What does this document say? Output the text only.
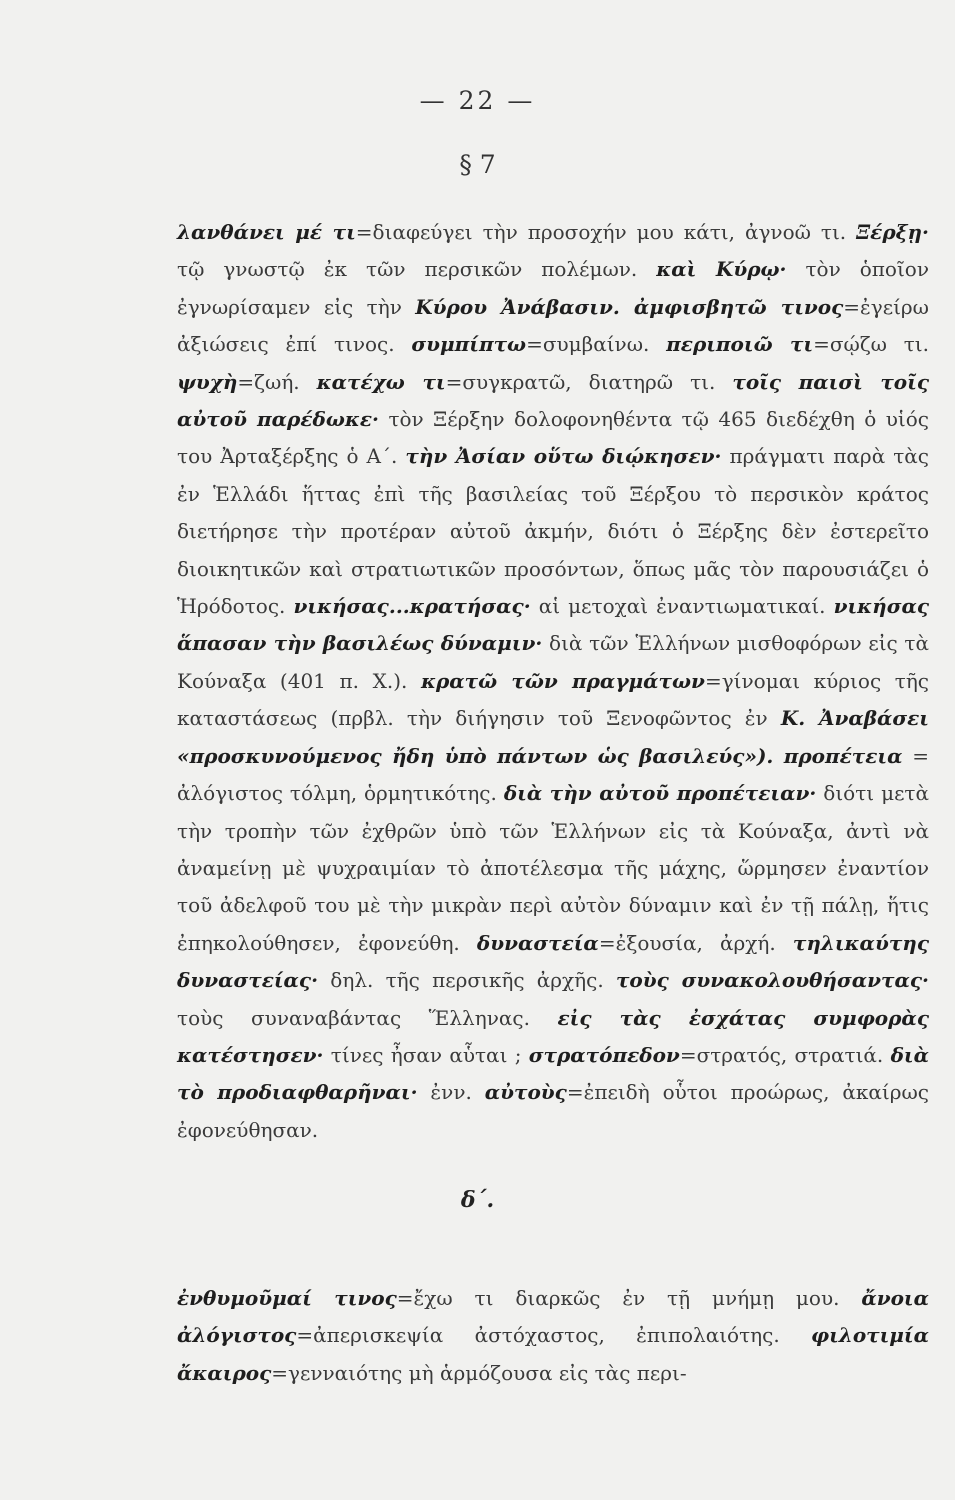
— 22 —
§ 7

λανθάνει μέ τι=διαφεύγει τὴν προσοχήν μου κάτι, ἀγνοῶ τι. Ξέρξῃ· τῷ γνωστῷ ἐκ τῶν περσικῶν πολέμων. καὶ Κύρῳ· τὸν ὁποῖον ἐγνωρίσαμεν εἰς τὴν Κύρου Ἀνάβασιν. ἀμφισβητῶ τινος=ἐγείρω ἀξιώσεις ἐπί τινος. συμπίπτω=συμβαίνω. περιποιῶ τι=σῴζω τι. ψυχὴ=ζωή. κατέχω τι=συγκρατῶ, διατηρῶ τι. τοῖς παισὶ τοῖς αὐτοῦ παρέδωκε· τὸν Ξέρξην δολοφονηθέντα τῷ 465 διεδέχθη ὁ υἱός του Ἀρταξέρξης ὁ Α΄. τὴν Ἀσίαν οὕτω διῴκησεν· πράγματι παρὰ τὰς ἐν Ἑλλάδι ἥττας ἐπὶ τῆς βασιλείας τοῦ Ξέρξου τὸ περσικὸν κράτος διετήρησε τὴν προτέραν αὐτοῦ ἀκμήν, διότι ὁ Ξέρξης δὲν ἐστερεῖτο διοικητικῶν καὶ στρατιωτικῶν προσόντων, ὅπως μᾶς τὸν παρουσιάζει ὁ Ἡρόδοτος. νικήσας...κρατήσας· αἱ μετοχαὶ ἐναντιωματικαί. νικήσας ἅπασαν τὴν βασιλέως δύναμιν· διὰ τῶν Ἑλλήνων μισθοφόρων εἰς τὰ Κούναξα (401 π. Χ.). κρατῶ τῶν πραγμάτων=γίνομαι κύριος τῆς καταστάσεως (πρβλ. τὴν διήγησιν τοῦ Ξενοφῶντος ἐν Κ. Ἀναβάσει «προσκυνούμενος ἤδη ὑπὸ πάντων ὡς βασιλεύς»). προπέτεια = ἀλόγιστος τόλμη, ὁρμητικότης. διὰ τὴν αὐτοῦ προπέτειαν· διότι μετὰ τὴν τροπὴν τῶν ἐχθρῶν ὑπὸ τῶν Ἑλλήνων εἰς τὰ Κούναξα, ἀντὶ νὰ ἀναμείνῃ μὲ ψυχραιμίαν τὸ ἀποτέλεσμα τῆς μάχης, ὥρμησεν ἐναντίον τοῦ ἀδελφοῦ του μὲ τὴν μικρὰν περὶ αὐτὸν δύναμιν καὶ ἐν τῇ πάλῃ, ἥτις ἐπηκολούθησεν, ἐφονεύθη. δυναστεία=ἐξουσία, ἀρχή. τηλικαύτης δυναστείας· δηλ. τῆς περσικῆς ἀρχῆς. τοὺς συνακολουθήσαντας· τοὺς συναναβάντας Ἕλληνας. εἰς τὰς ἐσχάτας συμφορὰς κατέστησεν· τίνες ἦσαν αὗται ; στρατόπεδον=στρατός, στρατιά. διὰ τὸ προδιαφθαρῆναι· ἐνν. αὐτοὺς=ἐπειδὴ οὗτοι προώρως, ἀκαίρως ἐφονεύθησαν.

δ΄.

ἐνθυμοῦμαί τινος=ἔχω τι διαρκῶς ἐν τῇ μνήμῃ μου. ἄνοια ἀλόγιστος=ἀπερισκεψία ἀστόχαστος, ἐπιπολαιότης. φιλοτιμία ἄκαιρος=γενναιότης μὴ ἁρμόζουσα εἰς τὰς περι-
